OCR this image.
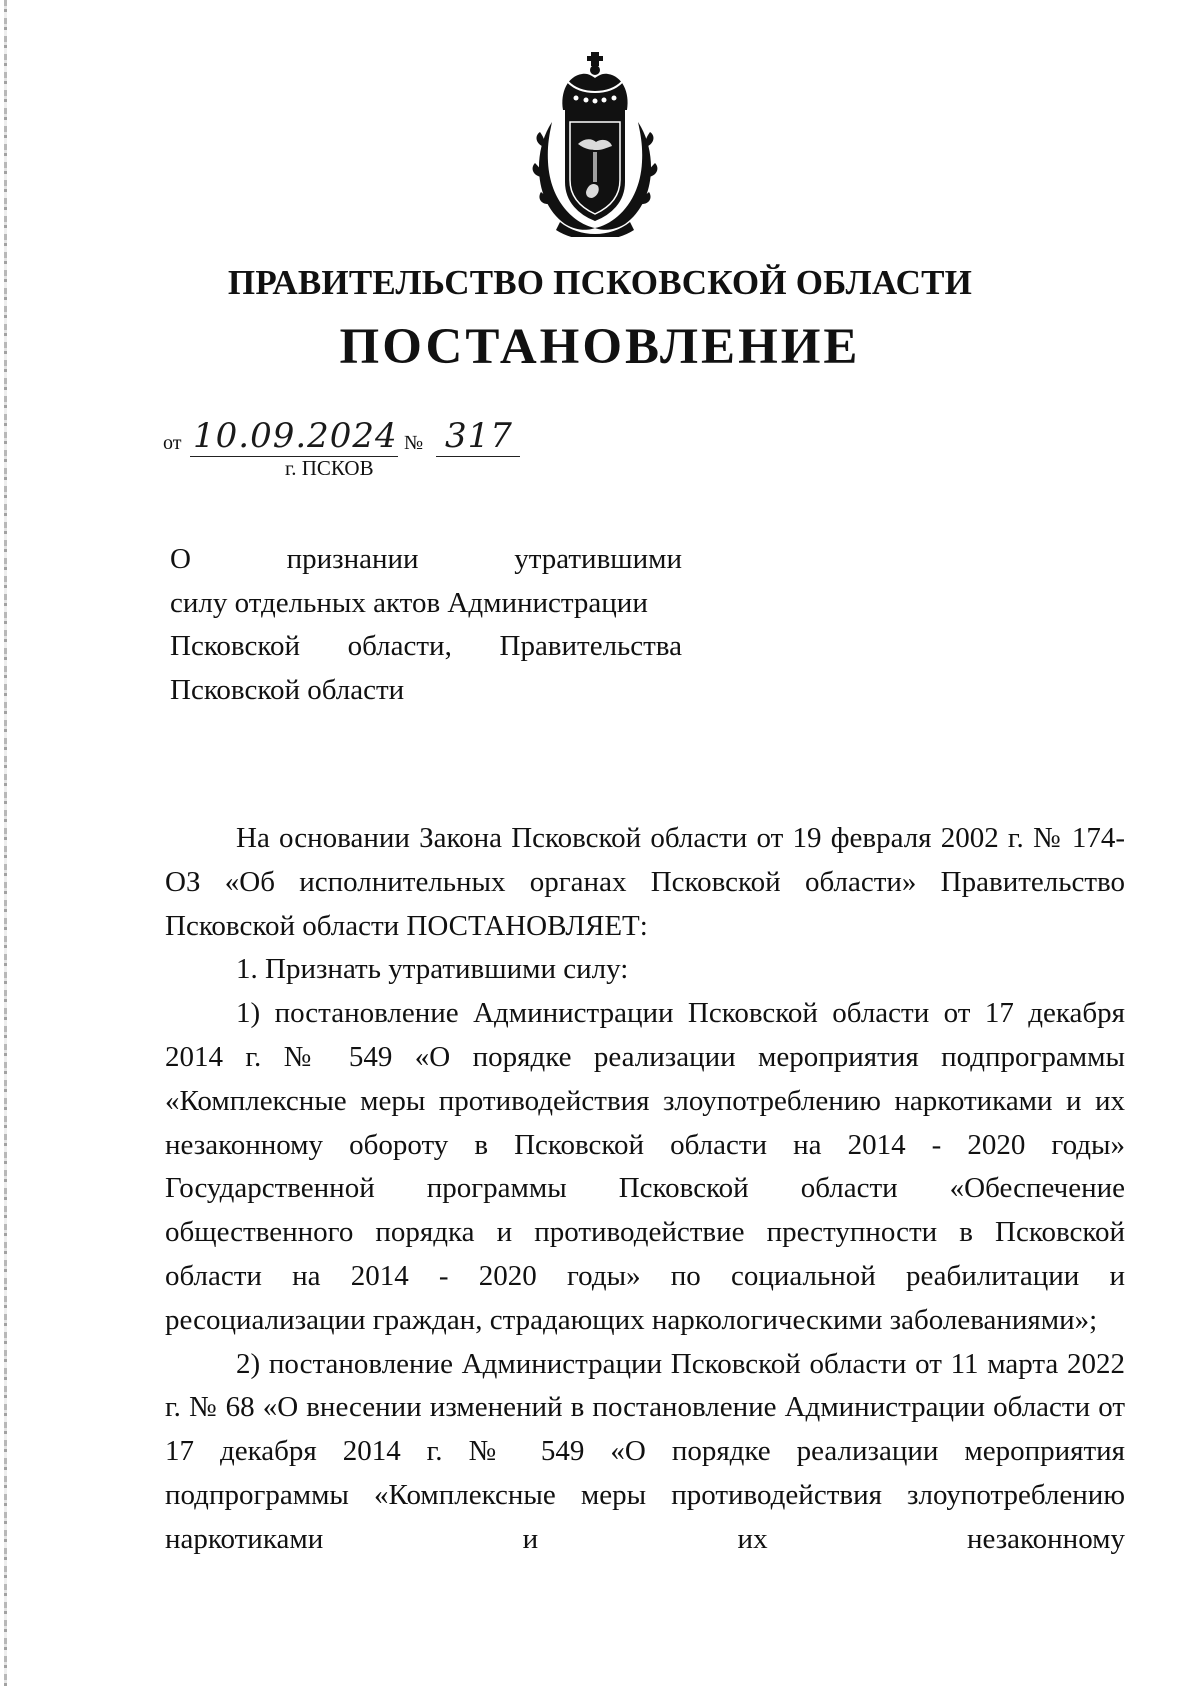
ПРАВИТЕЛЬСТВО ПСКОВСКОЙ ОБЛАСТИ
ПОСТАНОВЛЕНИЕ
от 10.09.2024 № 317
г. ПСКОВ
О признании утратившими
силу отдельных актов Администрации
Псковской области, Правительства
Псковской области

На основании Закона Псковской области от 19 февраля 2002 г. № 174-ОЗ «Об исполнительных органах Псковской области» Правительство Псковской области ПОСТАНОВЛЯЕТ:

1. Признать утратившими силу:

1) постановление Администрации Псковской области от 17 декабря 2014 г. № 549 «О порядке реализации мероприятия подпрограммы «Комплексные меры противодействия злоупотреблению наркотиками и их незаконному обороту в Псковской области на 2014 - 2020 годы» Государственной программы Псковской области «Обеспечение общественного порядка и противодействие преступности в Псковской области на 2014 - 2020 годы» по социальной реабилитации и ресоциализации граждан, страдающих наркологическими заболеваниями»;

2) постановление Администрации Псковской области от 11 марта 2022 г. № 68 «О внесении изменений в постановление Администрации области от 17 декабря 2014 г. № 549 «О порядке реализации мероприятия подпрограммы «Комплексные меры противодействия злоупотреблению наркотиками и их незаконному
